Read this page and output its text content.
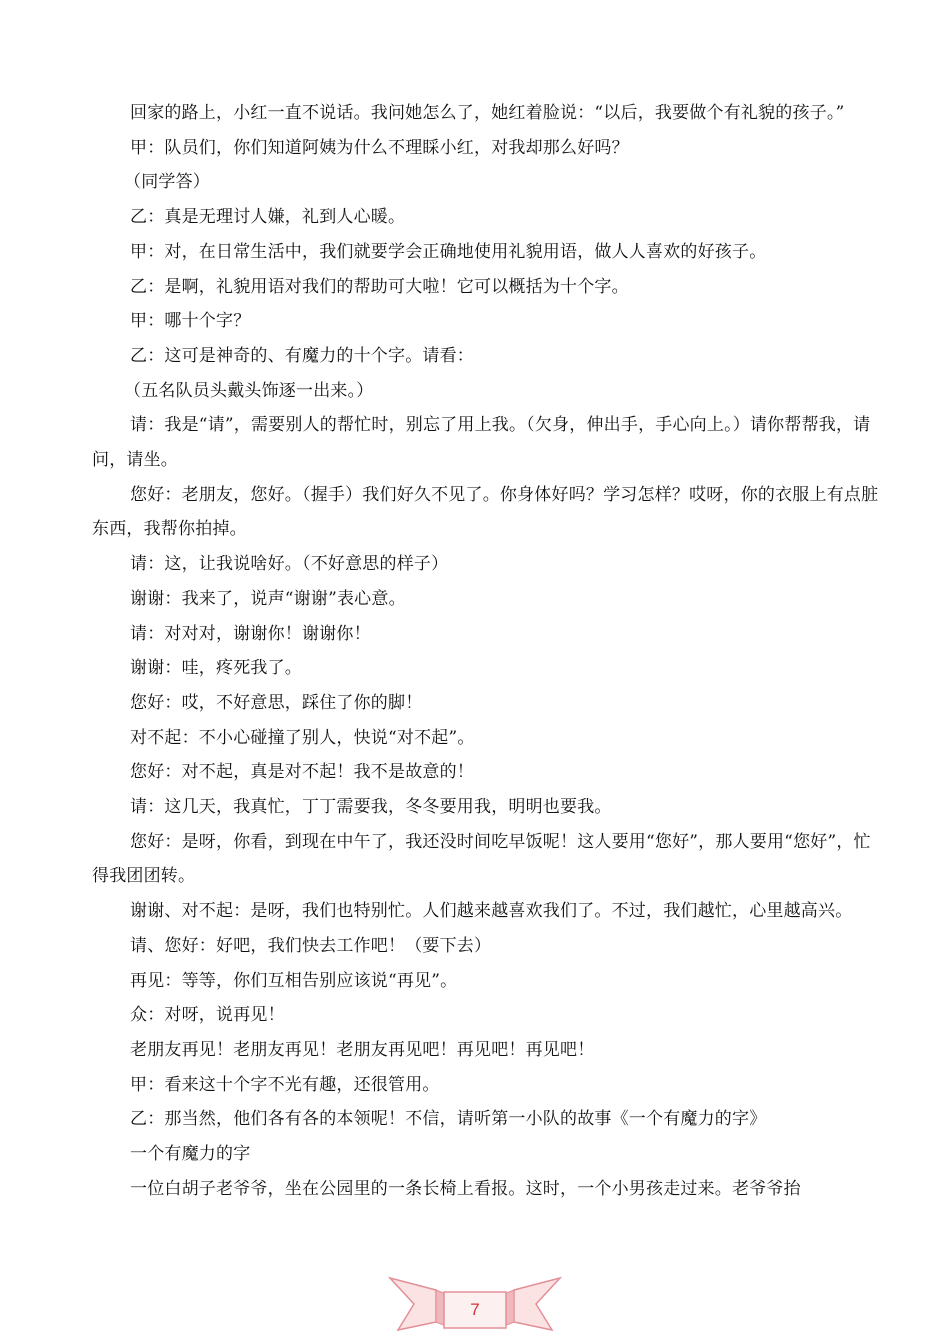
回家的路上，小红一直不说话。我问她怎么了，她红着脸说：“以后，我要做个有礼貌的孩子。”

甲：队员们，你们知道阿姨为什么不理睬小红，对我却那么好吗？

（同学答）

乙：真是无理讨人嫌，礼到人心暖。

甲：对，在日常生活中，我们就要学会正确地使用礼貌用语，做人人喜欢的好孩子。

乙：是啊，礼貌用语对我们的帮助可大啦！它可以概括为十个字。

甲：哪十个字？

乙：这可是神奇的、有魔力的十个字。请看：

（五名队员头戴头饰逐一出来。）

请：我是“请”，需要别人的帮忙时，别忘了用上我。（欠身，伸出手，手心向上。）请你帮帮我，请问，请坐。

您好：老朋友，您好。（握手）我们好久不见了。你身体好吗？学习怎样？哎呀，你的衣服上有点脏东西，我帮你拍掉。

请：这，让我说啥好。（不好意思的样子）

谢谢：我来了，说声“谢谢”表心意。

请：对对对，谢谢你！谢谢你！

谢谢：哇，疼死我了。

您好：哎，不好意思，踩住了你的脚！

对不起：不小心碰撞了别人，快说“对不起”。

您好：对不起，真是对不起！我不是故意的！

请：这几天，我真忙，丁丁需要我，冬冬要用我，明明也要我。

您好：是呀，你看，到现在中午了，我还没时间吃早饭呢！这人要用“您好”，那人要用“您好”，忙得我团团转。

谢谢、对不起：是呀，我们也特别忙。人们越来越喜欢我们了。不过，我们越忙，心里越高兴。

请、您好：好吧，我们快去工作吧！（要下去）

再见：等等，你们互相告别应该说“再见”。

众：对呀，说再见！

老朋友再见！老朋友再见！老朋友再见吧！再见吧！再见吧！

甲：看来这十个字不光有趣，还很管用。

乙：那当然，他们各有各的本领呢！不信，请听第一小队的故事《一个有魔力的字》

一个有魔力的字

一位白胡子老爷爷，坐在公园里的一条长椅上看报。这时，一个小男孩走过来。老爷爷抬

7
